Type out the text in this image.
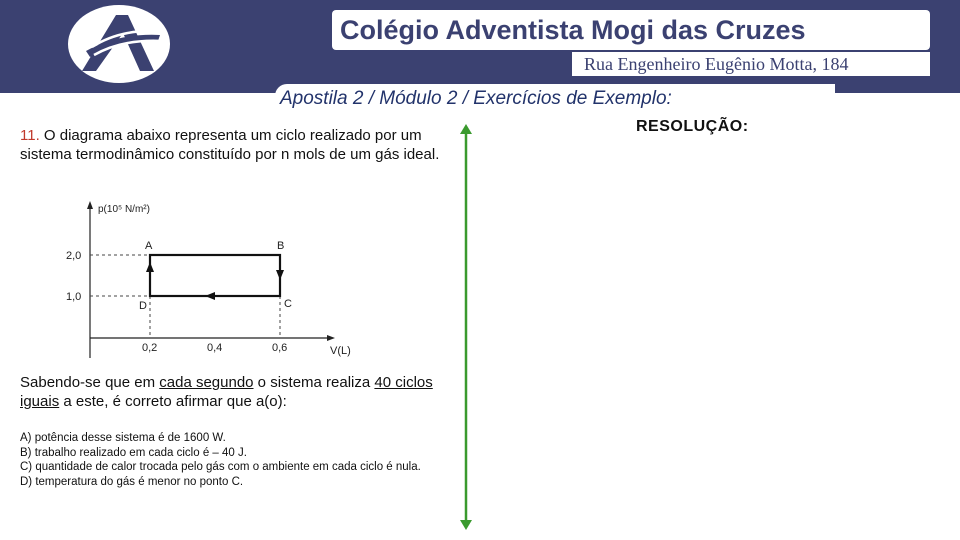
Colégio Adventista Mogi das Cruzes
Rua Engenheiro Eugênio Motta, 184
Apostila 2 / Módulo 2 / Exercícios de Exemplo:
RESOLUÇÃO:
11. O diagrama abaixo representa um ciclo realizado por um sistema termodinâmico constituído por n mols de um gás ideal.
p(10⁵ N/m²)
V(L)
2,0
1,0
0,2	0,4	0,6
A	B
C
D
Sabendo-se que em cada segundo o sistema realiza 40 ciclos iguais a este, é correto afirmar que a(o):
A) potência desse sistema é de 1600 W.
B) trabalho realizado em cada ciclo é – 40 J.
C) quantidade de calor trocada pelo gás com o ambiente em cada ciclo é nula.
D) temperatura do gás é menor no ponto C.
